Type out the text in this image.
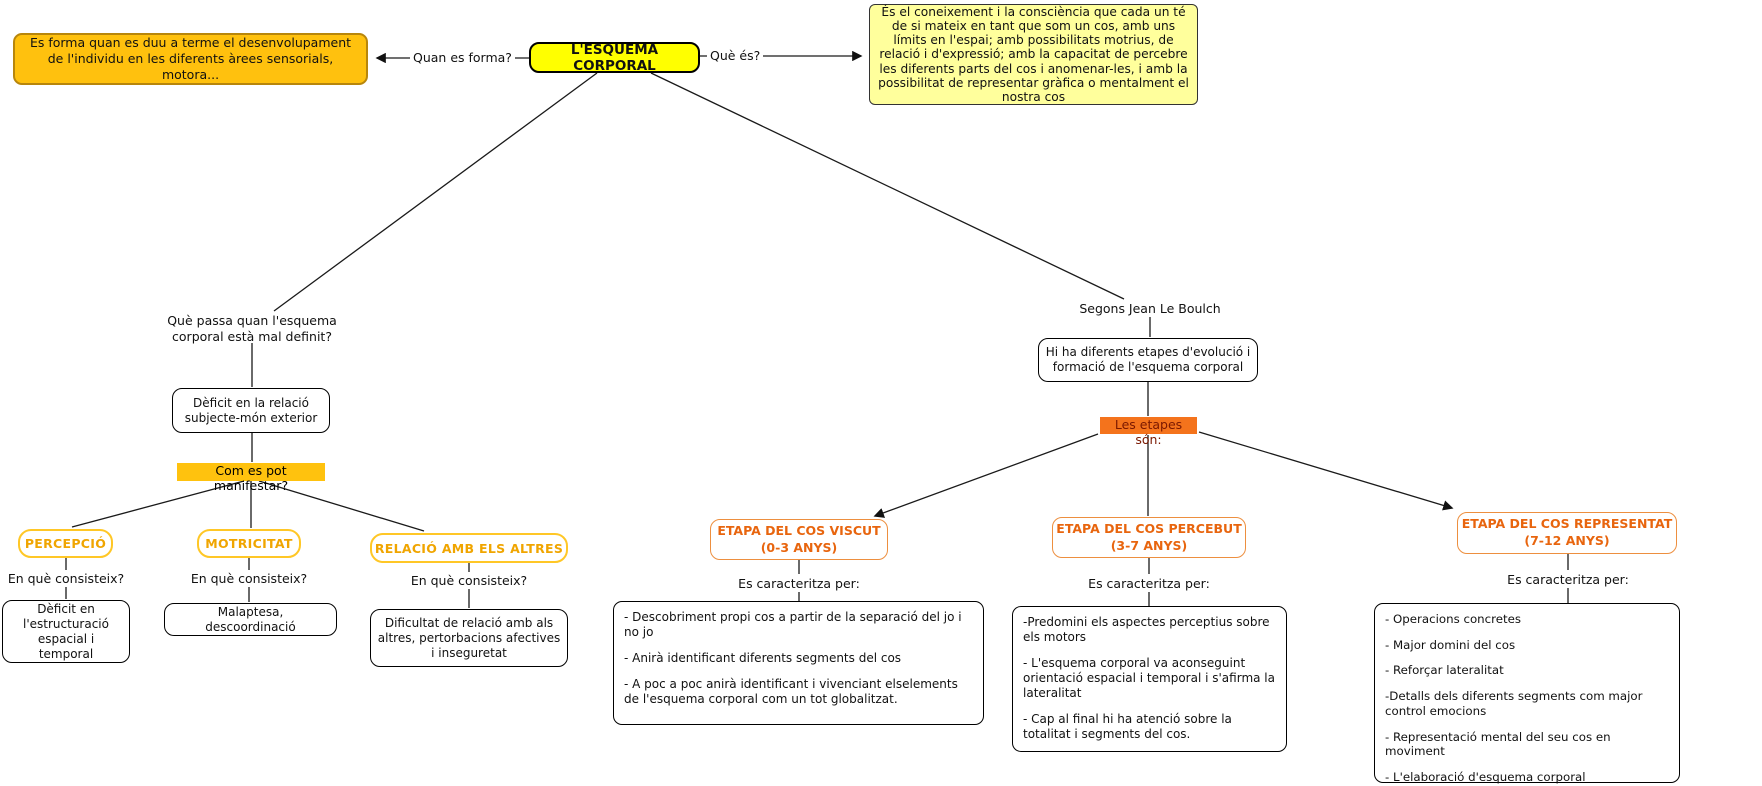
Es forma quan es duu a terme el desenvolupament de l'individu en les diferents àrees sensorials, motora...
Quan es forma?	L'ESQUEMA CORPORAL
Què és?
És el coneixement i la consciència que cada un té de si mateix en tant que som un cos, amb uns límits en l'espai; amb possibilitats motrius, de relació i d'expressió; amb la capacitat de percebre les diferents parts del cos i anomenar-les, i amb la possibilitat de representar gràfica o mentalment el nostra cos
Què passa quan l'esquema corporal està mal definit?
Dèficit en la relació subjecte-món exterior
Com es pot manifestar?
PERCEPCIÓ	MOTRICITAT	RELACIÓ AMB ELS ALTRES
En què consisteix?	En què consisteix?	En què consisteix?
Dèficit en l'estructuració espacial i temporal
Malaptesa, descoordinació	Dificultat de relació amb als altres, pertorbacions afectives i inseguretat
Segons Jean Le Boulch
Hi ha diferents etapes d'evolució i formació de l'esquema corporal
Les etapes són:
ETAPA DEL COS VISCUT
(0-3 ANYS)
ETAPA DEL COS PERCEBUT
(3-7 ANYS)
ETAPA DEL COS REPRESENTAT
(7-12 ANYS)
Es caracteritza per:	Es caracteritza per:	Es caracteritza per:

- Descobriment propi cos a partir de la separació del jo i no jo

- Anirà identificant diferents segments del cos

- A poc a poc anirà identificant i vivenciant elselements de l'esquema corporal com un tot globalitzat.

-Predomini els aspectes perceptius sobre els motors

- L'esquema corporal va aconseguint orientació espacial i temporal i s'afirma la lateralitat

- Cap al final hi ha atenció sobre la totalitat i segments del cos.

- Operacions concretes

- Major domini del cos

- Reforçar lateralitat

-Detalls dels diferents segments com major control emocions

- Representació mental del seu cos en moviment

- L'elaboració d'esquema corporal
